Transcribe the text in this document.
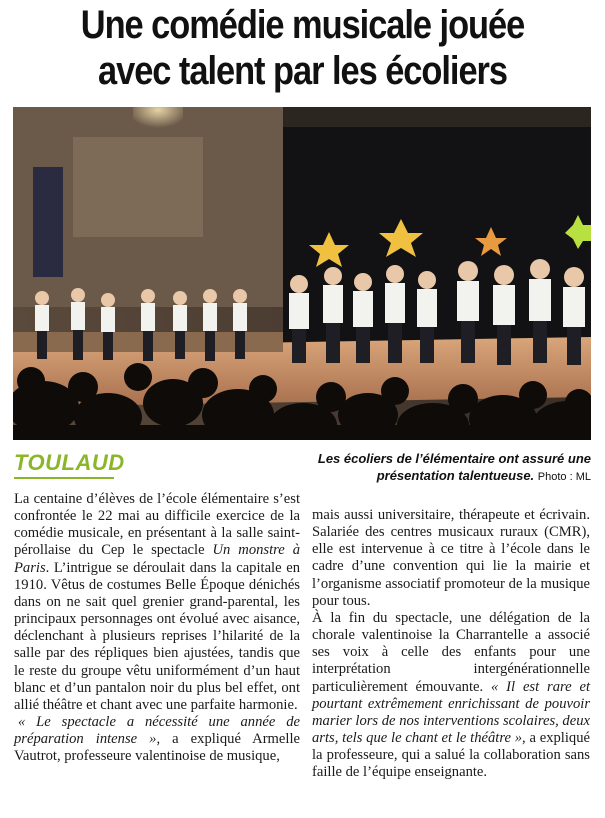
Une comédie musicale jouée
avec talent par les écoliers
TOULAUD	Les écoliers de l’élémentaire ont assuré une présentation talentueuse. Photo : ML

La centaine d’élèves de l’école élémentaire s’est confrontée le 22 mai au difficile exercice de la comédie musicale, en présentant à la salle saint-pérollaise du Cep le spectacle Un monstre à Paris. L’intrigue se déroulait dans la capitale en 1910. Vêtus de costumes Belle Époque dénichés dans on ne sait quel grenier grand-parental, les principaux personnages ont évolué avec aisance, déclenchant à plusieurs reprises l’hilarité de la salle par des répliques bien ajustées, tandis que le reste du groupe vêtu uniformément d’un haut blanc et d’un pantalon noir du plus bel effet, ont allié théâtre et chant avec une parfaite harmonie.

« Le spectacle a nécessité une année de préparation intense », a expliqué Armelle Vautrot, professeure valentinoise de musique,

mais aussi universitaire, thérapeute et écrivain. Salariée des centres musicaux ruraux (CMR), elle est intervenue à ce titre à l’école dans le cadre d’une convention qui lie la mairie et l’organisme associatif promoteur de la musique pour tous.

À la fin du spectacle, une délégation de la chorale valentinoise la Charrantelle a associé ses voix à celle des enfants pour une interprétation intergénérationnelle particulièrement émouvante. « Il est rare et pourtant extrêmement enrichissant de pouvoir marier lors de nos interventions scolaires, deux arts, tels que le chant et le théâtre », a expliqué la professeure, qui a salué la collaboration sans faille de l’équipe enseignante.
